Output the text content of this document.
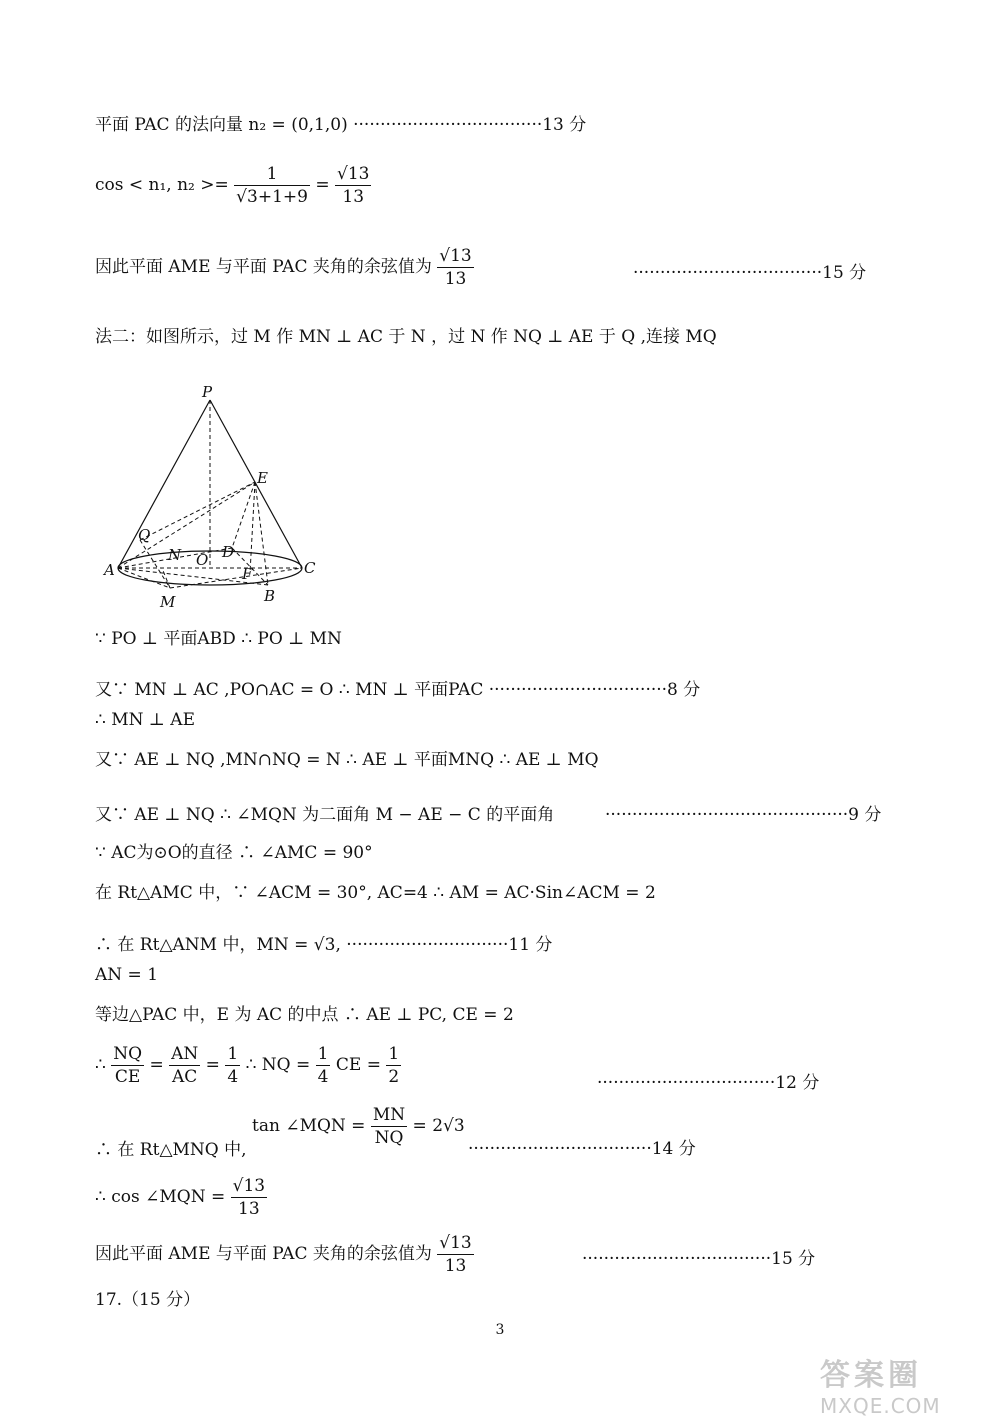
平面 PAC 的法向量 n₂ = (0,1,0) ···································13 分
cos < n₁, $n_2 >= \frac{1}{√3+1+9} = \frac{√13}{13}$
因此平面 AME 与平面 PAC 夹角的余弦值为 $\frac{√13}{13}$	···································15 分
法二：如图所示，过 M 作 MN ⊥ AC 于 N ，过 N 作 NQ ⊥ AE 于 Q ,连接 MQ
P
E
Q
N O D
A	C
F
M	B
∵ PO ⊥ 平面ABD ∴ PO ⊥ MN
又∵ MN ⊥ AC ,PO∩AC = O ∴ MN ⊥ 平面PAC ·································8 分
∴ MN ⊥ AE
又∵ AE ⊥ NQ ,MN∩NQ = N ∴ AE ⊥ 平面MNQ ∴ AE ⊥ MQ
又∵ AE ⊥ NQ ∴ ∠MQN 为二面角 M − AE − C 的平面角	·············································9 分
∵ AC为⊙O的直径 ∴ ∠AMC = 90°
在 Rt△AMC 中，∵ ∠ACM = 30°, AC=4 ∴ AM = AC·Sin∠ACM = 2
∴ 在 Rt△ANM 中，MN = √3, ······························11 分
AN = 1
等边△PAC 中，E 为 AC 的中点 ∴ AE ⊥ PC, CE = 2
∴ $\frac{NQ}{CE} = \frac{AN}{AC} = \frac{1}{4}$ ∴ NQ = $\frac{1}{4}$ CE = $\frac{1}{2}$	·································12 分
∴ 在 Rt△MNQ 中,
tan ∠MQN = $\frac{MN}{NQ} = 2√3$
··································14 分
∴ cos ∠MQN = $\frac{√13}{13}$
因此平面 AME 与平面 PAC 夹角的余弦值为 $\frac{√13}{13}$	···································15 分
17.（15 分）
3
答案圈
MXQE.COM
